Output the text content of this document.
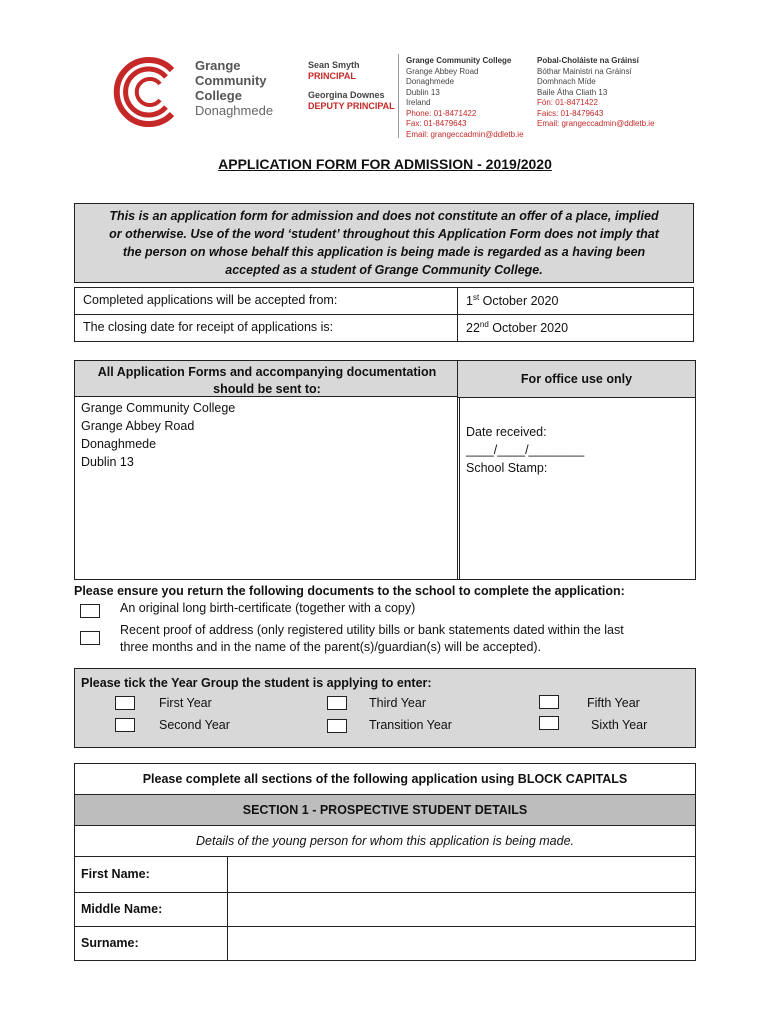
Grange
Community
College
Donaghmede
Sean Smyth
PRINCIPAL
Georgina Downes
DEPUTY PRINCIPAL
Grange Community College
Grange Abbey Road
Donaghmede
Dublin 13
Ireland
Phone: 01-8471422
Fax: 01-8479643
Email: grangeccadmin@ddletb.ie
Pobal-Choláiste na Gráinsí
Bóthar Mainistri na Gráinsí
Domhnach Míde
Baile Átha Cliath 13
Fón: 01-8471422
Faics: 01-8479643
Email: grangeccadmin@ddletb.ie
APPLICATION FORM FOR ADMISSION - 2019/2020
This is an application form for admission and does not constitute an offer of a place, implied
or otherwise. Use of the word ‘student’ throughout this Application Form does not imply that
the person on whose behalf this application is being made is regarded as a having been
accepted as a student of Grange Community College.
Completed applications will be accepted from:	1st October 2020
The closing date for receipt of applications is:	22nd October 2020
All Application Forms and accompanying documentation
should be sent to:
Grange Community College
Grange Abbey Road
Donaghmede
Dublin 13
For office use only
Date received:
____/____/________
School Stamp:
Please ensure you return the following documents to the school to complete the application:
An original long birth-certificate (together with a copy)
Recent proof of address (only registered utility bills or bank statements dated within the last
three months and in the name of the parent(s)/guardian(s) will be accepted).
Please tick the Year Group the student is applying to enter:
First Year
Second Year
Third Year
Transition Year
Fifth Year
Sixth Year
Please complete all sections of the following application using BLOCK CAPITALS
SECTION 1 - PROSPECTIVE STUDENT DETAILS
Details of the young person for whom this application is being made.
First Name:
Middle Name:
Surname:
